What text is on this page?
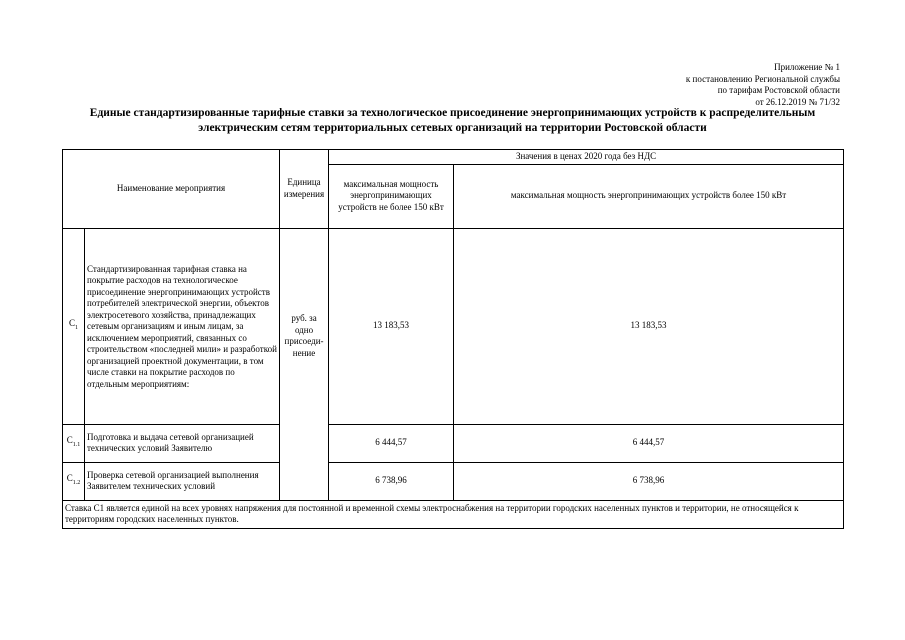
Приложение № 1
к постановлению Региональной службы
по тарифам Ростовской области
от 26.12.2019 № 71/32
Единые стандартизированные тарифные ставки за технологическое присоединение энергопринимающих устройств к распределительным
электрическим сетям территориальных сетевых организаций на территории Ростовской области
Наименование мероприятия		Единица измерения	Значения в ценах 2020 года без НДС	
			максимальная мощность энергопринимающих устройств не более 150 кВт	максимальная мощность энергопринимающих устройств более 150 кВт
$C_1$	Стандартизированная тарифная ставка на покрытие расходов на технологическое присоединение энергопринимающих устройств потребителей электрической энергии, объектов электросетевого хозяйства, принадлежащих сетевым организациям и иным лицам, за исключением мероприятий, связанных со строительством «последней мили» и разработкой организацией проектной документации, в том числе ставки на покрытие расходов по отдельным мероприятиям:	руб. за одно присоеди-нение	13 183,53	13 183,53
$C_{1.1}$	Подготовка и выдача сетевой организацией технических условий Заявителю		6 444,57	6 444,57
$C_{1.2}$	Проверка сетевой организацией выполнения Заявителем технических условий		6 738,96	6 738,96
Ставка С1 является единой на всех уровнях напряжения для постоянной и временной схемы электроснабжения на территории городских населенных пунктов и территории, не относящейся к территориям городских населенных пунктов.				
